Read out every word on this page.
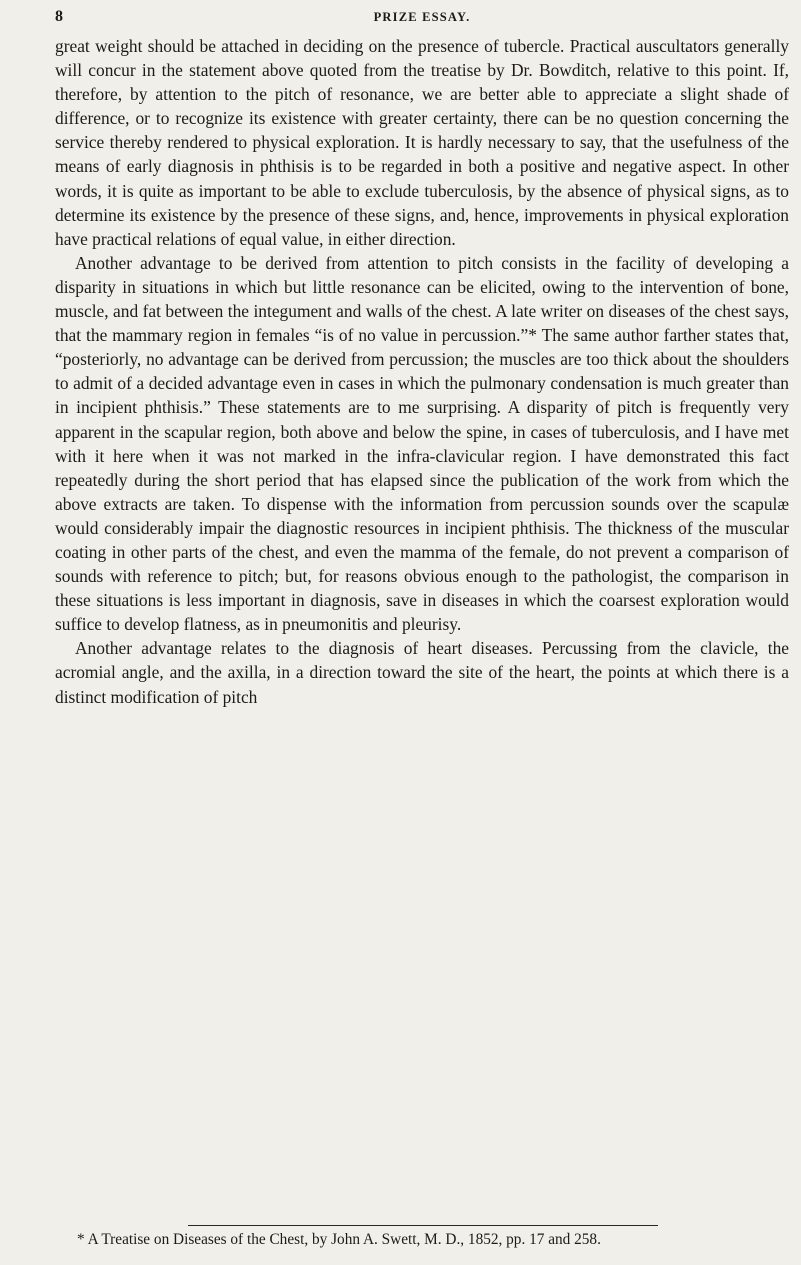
8	PRIZE ESSAY.

great weight should be attached in deciding on the presence of tubercle. Practical auscultators generally will concur in the statement above quoted from the treatise by Dr. Bowditch, relative to this point. If, therefore, by attention to the pitch of resonance, we are better able to appreciate a slight shade of difference, or to recognize its existence with greater certainty, there can be no question concerning the service thereby rendered to physical exploration. It is hardly necessary to say, that the usefulness of the means of early diagnosis in phthisis is to be regarded in both a positive and negative aspect. In other words, it is quite as important to be able to exclude tuberculosis, by the absence of physical signs, as to determine its existence by the presence of these signs, and, hence, improvements in physical exploration have practical relations of equal value, in either direction.

Another advantage to be derived from attention to pitch consists in the facility of developing a disparity in situations in which but little resonance can be elicited, owing to the intervention of bone, muscle, and fat between the integument and walls of the chest. A late writer on diseases of the chest says, that the mammary region in females “is of no value in percussion.”* The same author farther states that, “posteriorly, no advantage can be derived from percussion; the muscles are too thick about the shoulders to admit of a decided advantage even in cases in which the pulmonary condensation is much greater than in incipient phthisis.” These statements are to me surprising. A disparity of pitch is frequently very apparent in the scapular region, both above and below the spine, in cases of tuberculosis, and I have met with it here when it was not marked in the infra-clavicular region. I have demonstrated this fact repeatedly during the short period that has elapsed since the publication of the work from which the above extracts are taken. To dispense with the information from percussion sounds over the scapulæ would considerably impair the diagnostic resources in incipient phthisis. The thickness of the muscular coating in other parts of the chest, and even the mamma of the female, do not prevent a comparison of sounds with reference to pitch; but, for reasons obvious enough to the pathologist, the comparison in these situations is less important in diagnosis, save in diseases in which the coarsest exploration would suffice to develop flatness, as in pneumonitis and pleurisy.

Another advantage relates to the diagnosis of heart diseases. Percussing from the clavicle, the acromial angle, and the axilla, in a direction toward the site of the heart, the points at which there is a distinct modification of pitch

* A Treatise on Diseases of the Chest, by John A. Swett, M. D., 1852, pp. 17 and 258.
